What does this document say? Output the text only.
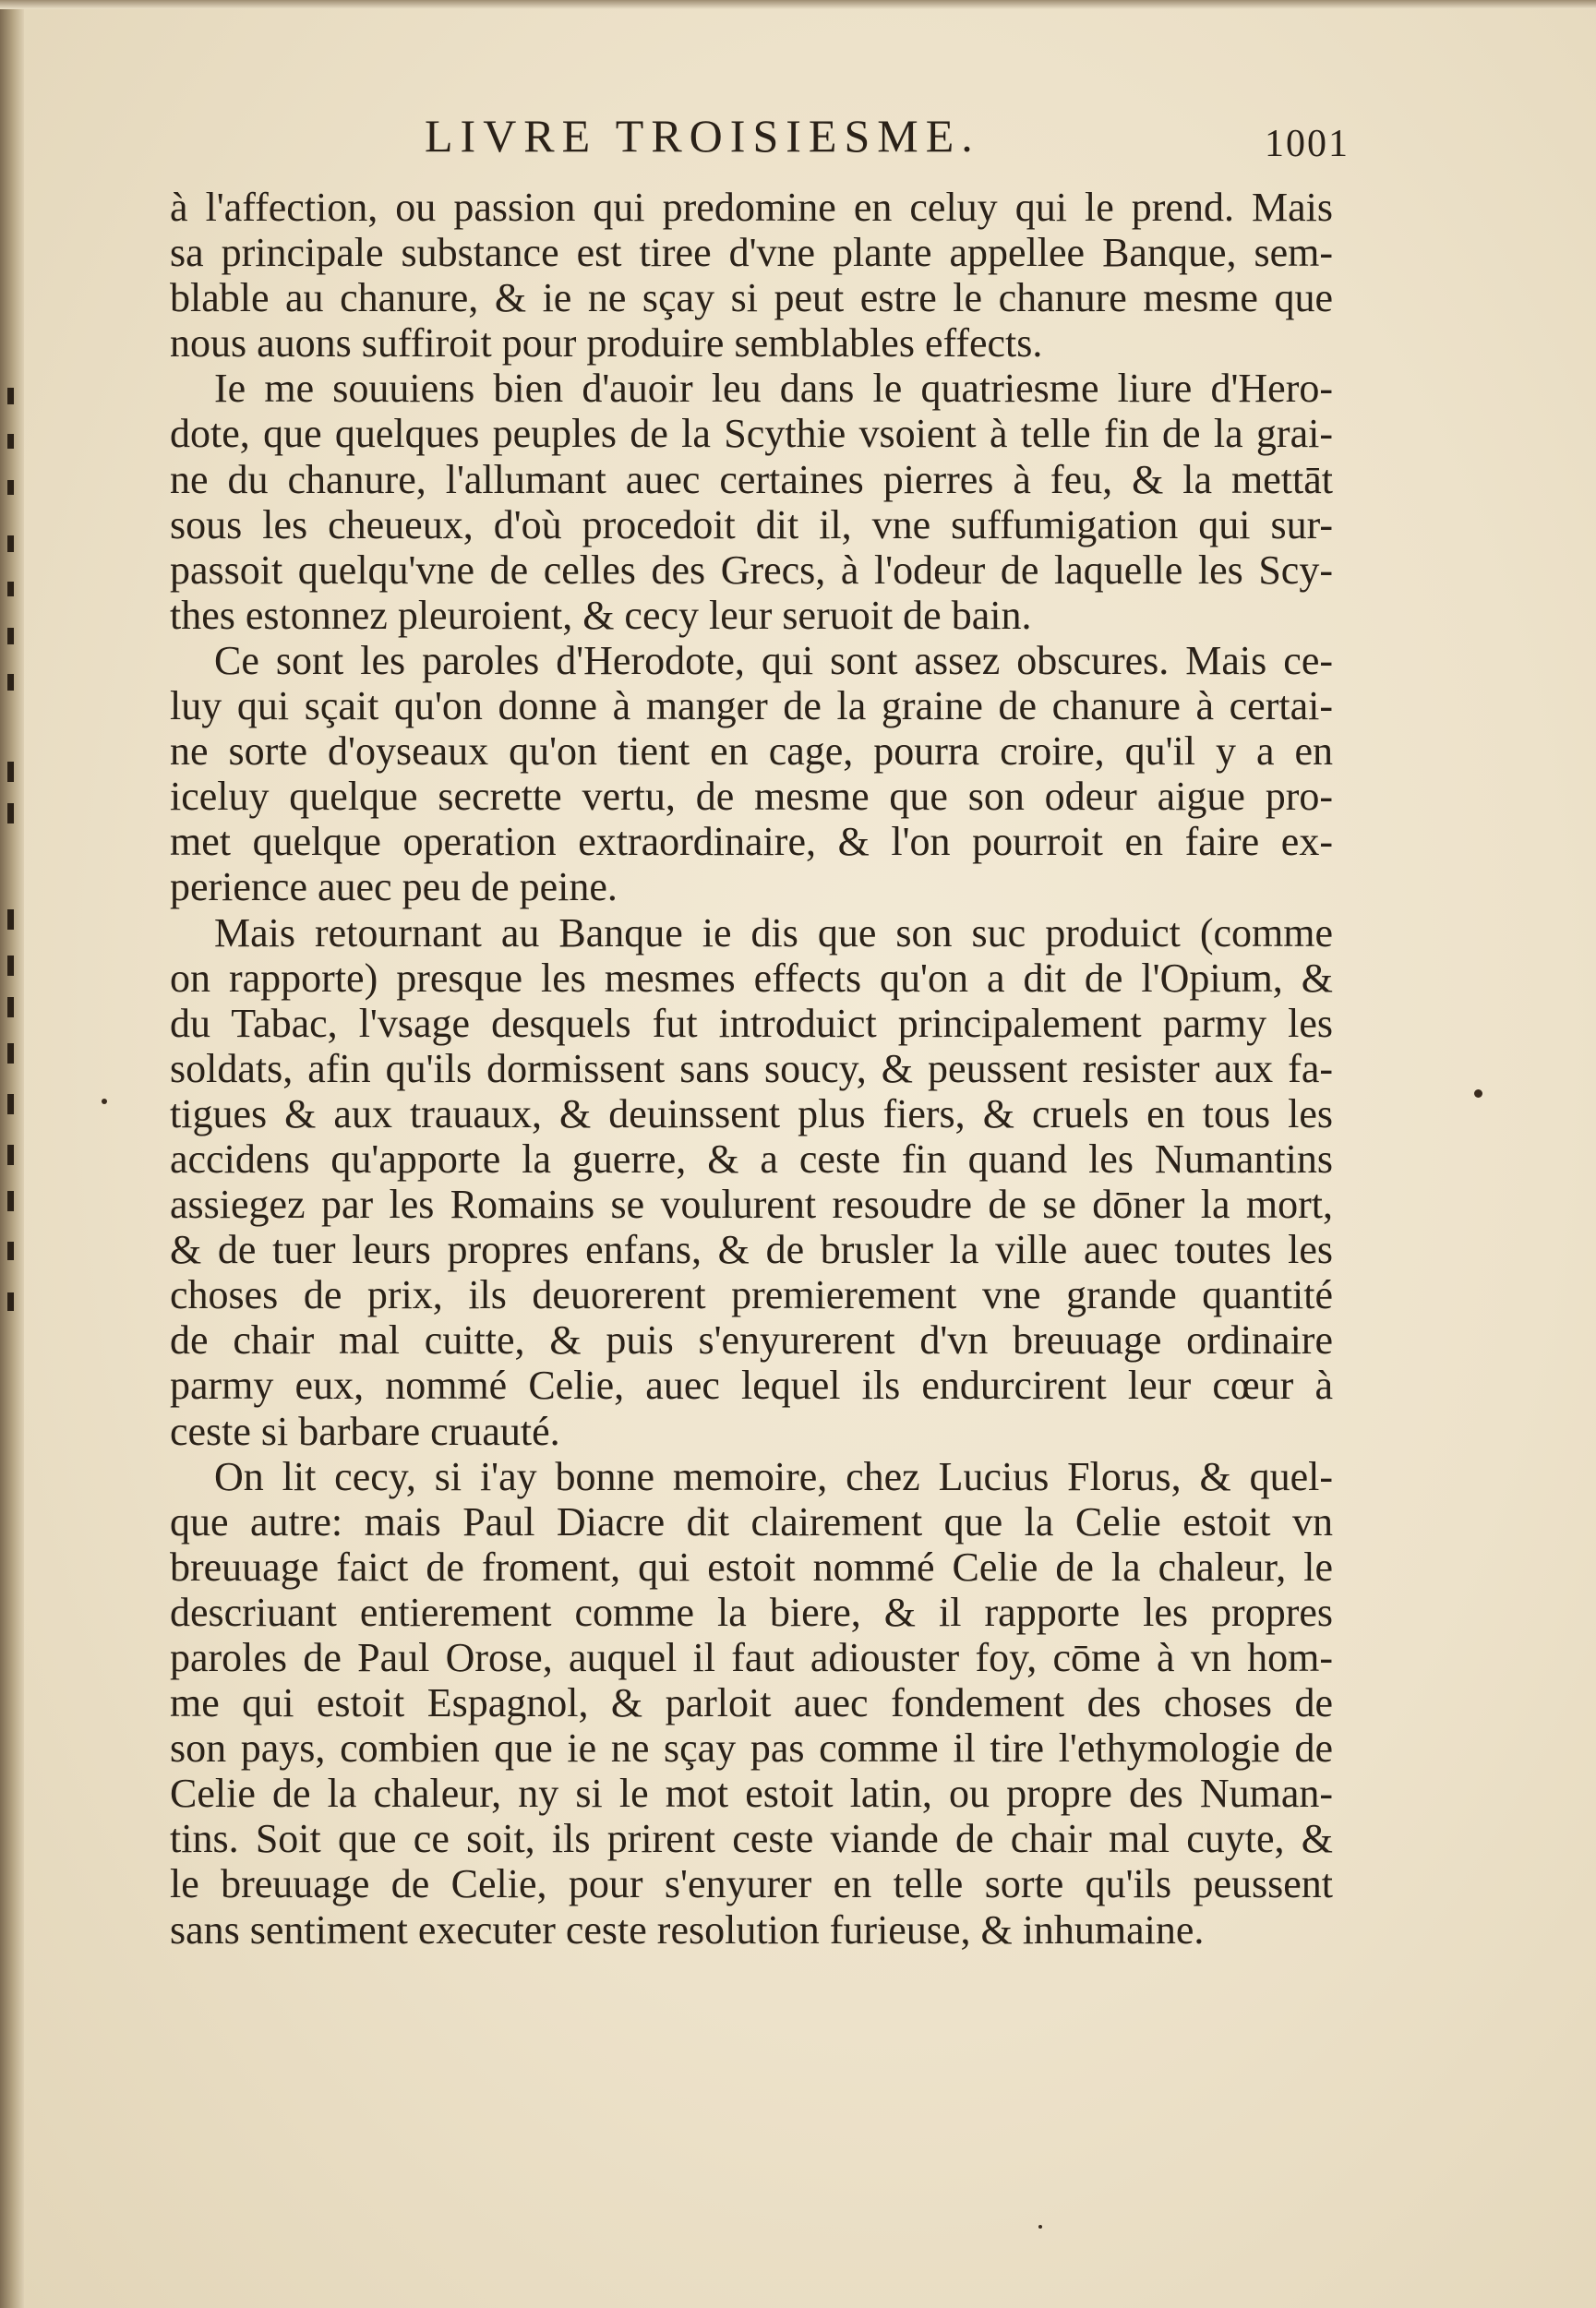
LIVRE TROISIESME.	1001
à l'affection, ou passion qui predomine en celuy qui le prend. Mais
sa principale substance est tiree d'vne plante appellee Banque, sem-
blable au chanure, & ie ne sçay si peut estre le chanure mesme que
nous auons suffiroit pour produire semblables effects.
Ie me souuiens bien d'auoir leu dans le quatriesme liure d'Hero-
dote, que quelques peuples de la Scythie vsoient à telle fin de la grai-
ne du chanure, l'allumant auec certaines pierres à feu, & la mettāt
sous les cheueux, d'où procedoit dit il, vne suffumigation qui sur-
passoit quelqu'vne de celles des Grecs, à l'odeur de laquelle les Scy-
thes estonnez pleuroient, & cecy leur seruoit de bain.
Ce sont les paroles d'Herodote, qui sont assez obscures. Mais ce-
luy qui sçait qu'on donne à manger de la graine de chanure à certai-
ne sorte d'oyseaux qu'on tient en cage, pourra croire, qu'il y a en
iceluy quelque secrette vertu, de mesme que son odeur aigue pro-
met quelque operation extraordinaire, & l'on pourroit en faire ex-
perience auec peu de peine.
Mais retournant au Banque ie dis que son suc produict (comme
on rapporte) presque les mesmes effects qu'on a dit de l'Opium, &
du Tabac, l'vsage desquels fut introduict principalement parmy les
soldats, afin qu'ils dormissent sans soucy, & peussent resister aux fa-
tigues & aux trauaux, & deuinssent plus fiers, & cruels en tous les
accidens qu'apporte la guerre, & a ceste fin quand les Numantins
assiegez par les Romains se voulurent resoudre de se dōner la mort,
& de tuer leurs propres enfans, & de brusler la ville auec toutes les
choses de prix, ils deuorerent premierement vne grande quantité
de chair mal cuitte, & puis s'enyurerent d'vn breuuage ordinaire
parmy eux, nommé Celie, auec lequel ils endurcirent leur cœur à
ceste si barbare cruauté.
On lit cecy, si i'ay bonne memoire, chez Lucius Florus, & quel-
que autre: mais Paul Diacre dit clairement que la Celie estoit vn
breuuage faict de froment, qui estoit nommé Celie de la chaleur, le
descriuant entierement comme la biere, & il rapporte les propres
paroles de Paul Orose, auquel il faut adiouster foy, cōme à vn hom-
me qui estoit Espagnol, & parloit auec fondement des choses de
son pays, combien que ie ne sçay pas comme il tire l'ethymologie de
Celie de la chaleur, ny si le mot estoit latin, ou propre des Numan-
tins. Soit que ce soit, ils prirent ceste viande de chair mal cuyte, &
le breuuage de Celie, pour s'enyurer en telle sorte qu'ils peussent
sans sentiment executer ceste resolution furieuse, & inhumaine.
